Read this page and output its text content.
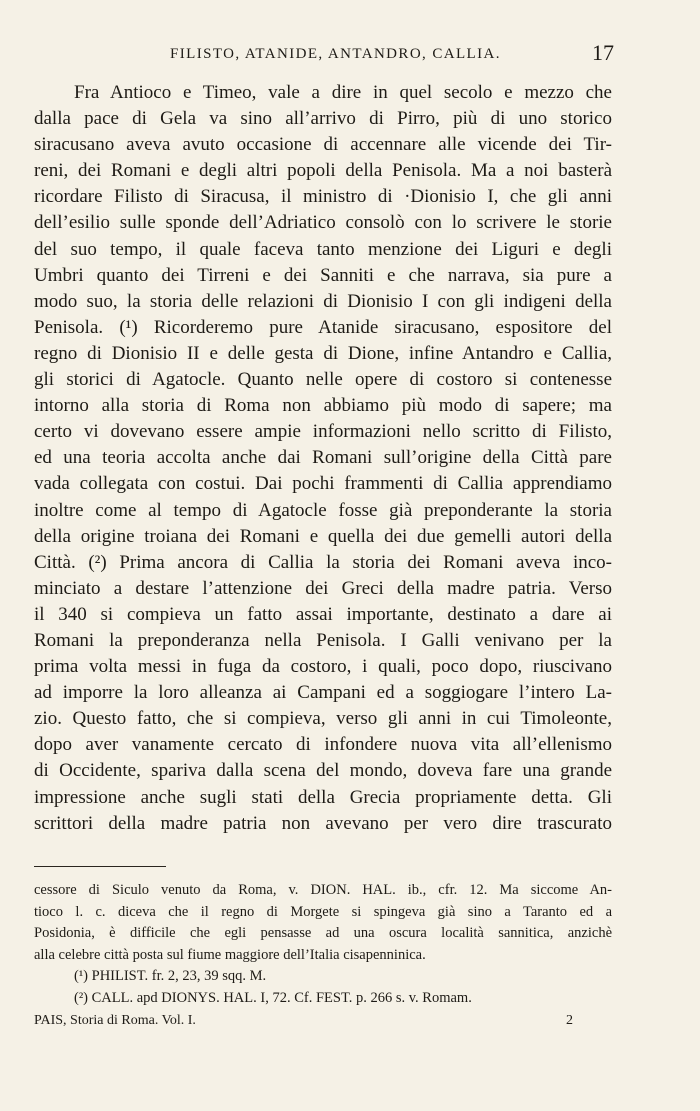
FILISTO, ATANIDE, ANTANDRO, CALLIA.	17
Fra Antioco e Timeo, vale a dire in quel secolo e mezzo che
dalla pace di Gela va sino all’arrivo di Pirro, più di uno storico
siracusano aveva avuto occasione di accennare alle vicende dei Tir-
reni, dei Romani e degli altri popoli della Penisola. Ma a noi basterà
ricordare Filisto di Siracusa, il ministro di ·Dionisio I, che gli anni
dell’esilio sulle sponde dell’Adriatico consolò con lo scrivere le storie
del suo tempo, il quale faceva tanto menzione dei Liguri e degli
Umbri quanto dei Tirreni e dei Sanniti e che narrava, sia pure a
modo suo, la storia delle relazioni di Dionisio I con gli indigeni della
Penisola. (¹) Ricorderemo pure Atanide siracusano, espositore del
regno di Dionisio II e delle gesta di Dione, infine Antandro e Callia,
gli storici di Agatocle. Quanto nelle opere di costoro si contenesse
intorno alla storia di Roma non abbiamo più modo di sapere; ma
certo vi dovevano essere ampie informazioni nello scritto di Filisto,
ed una teoria accolta anche dai Romani sull’origine della Città pare
vada collegata con costui. Dai pochi frammenti di Callia apprendiamo
inoltre come al tempo di Agatocle fosse già preponderante la storia
della origine troiana dei Romani e quella dei due gemelli autori della
Città. (²) Prima ancora di Callia la storia dei Romani aveva inco-
minciato a destare l’attenzione dei Greci della madre patria. Verso
il 340 si compieva un fatto assai importante, destinato a dare ai
Romani la preponderanza nella Penisola. I Galli venivano per la
prima volta messi in fuga da costoro, i quali, poco dopo, riuscivano
ad imporre la loro alleanza ai Campani ed a soggiogare l’intero La-
zio. Questo fatto, che si compieva, verso gli anni in cui Timoleonte,
dopo aver vanamente cercato di infondere nuova vita all’ellenismo
di Occidente, spariva dalla scena del mondo, doveva fare una grande
impressione anche sugli stati della Grecia propriamente detta. Gli
scrittori della madre patria non avevano per vero dire trascurato
cessore di Siculo venuto da Roma, v. DION. HAL. ib., cfr. 12. Ma siccome An-
tioco l. c. diceva che il regno di Morgete si spingeva già sino a Taranto ed a
Posidonia, è difficile che egli pensasse ad una oscura località sannitica, anzichè
alla celebre città posta sul fiume maggiore dell’Italia cisapenninica.
(¹) PHILIST. fr. 2, 23, 39 sqq. M.
(²) CALL. apd DIONYS. HAL. I, 72. Cf. FEST. p. 266 s. v. Romam.
PAIS, Storia di Roma. Vol. I.	2
